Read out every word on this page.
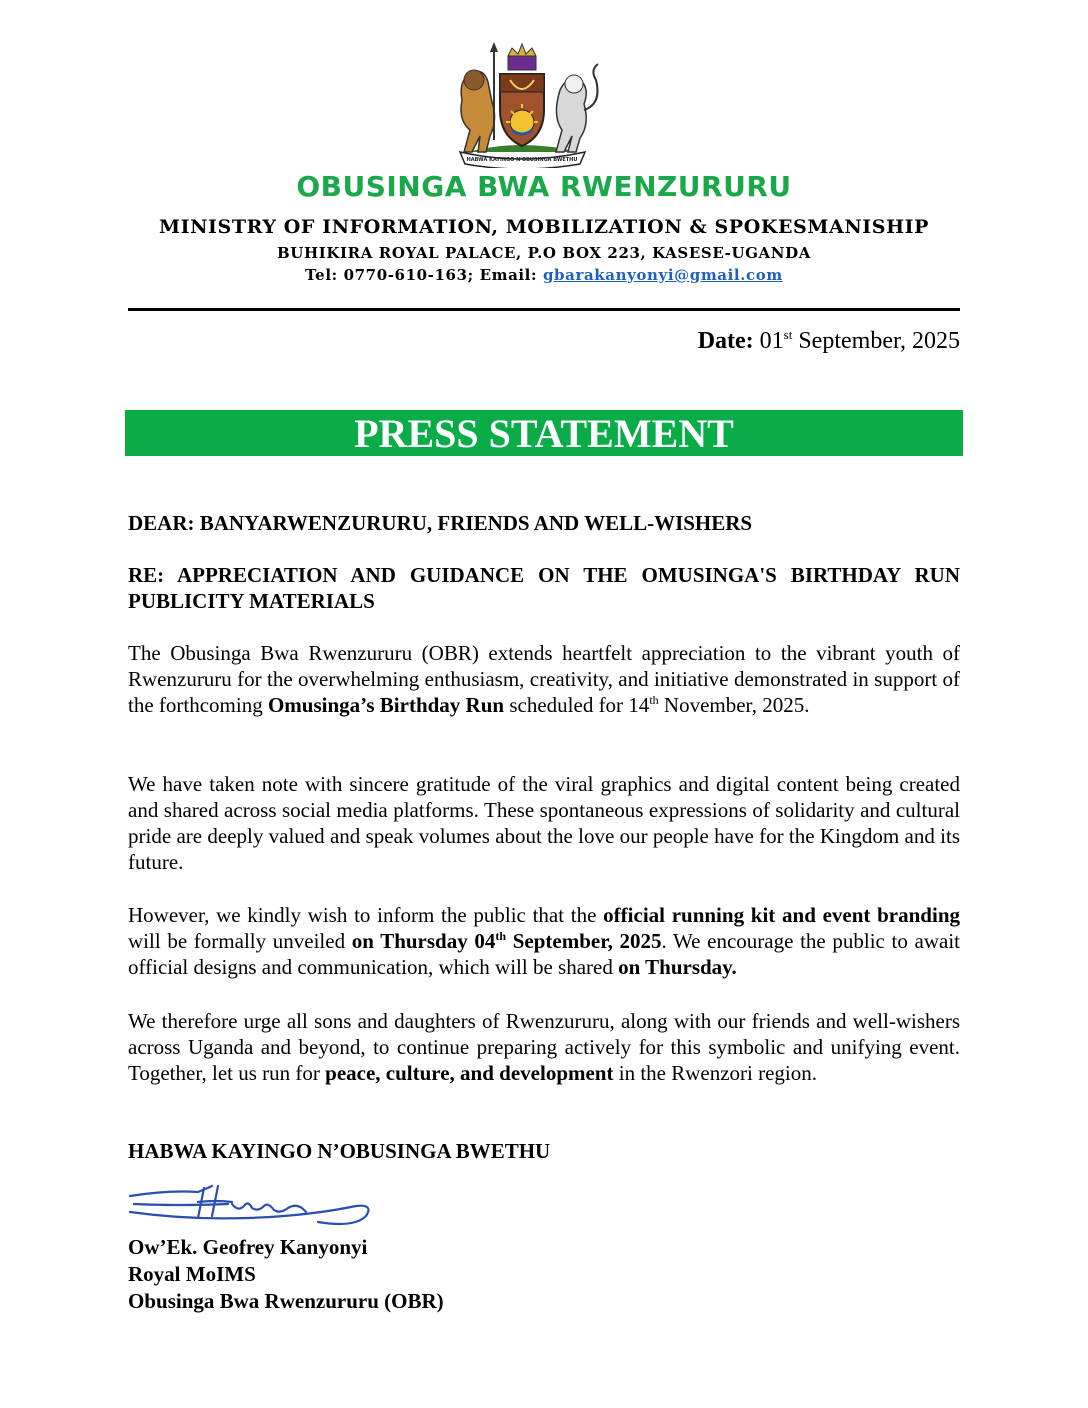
HABWA KAYINGO N'OBUSINGA BWETHU
OBUSINGA BWA RWENZURURU
MINISTRY OF INFORMATION, MOBILIZATION & SPOKESMANISHIP
BUHIKIRA ROYAL PALACE, P.O BOX 223, KASESE-UGANDA
Tel: 0770-610-163; Email: gbarakanyonyi@gmail.com
Date: 01st September, 2025
PRESS STATEMENT
DEAR: BANYARWENZURURU, FRIENDS AND WELL-WISHERS
RE: APPRECIATION AND GUIDANCE ON THE OMUSINGA'S BIRTHDAY RUN PUBLICITY MATERIALS
The Obusinga Bwa Rwenzururu (OBR) extends heartfelt appreciation to the vibrant youth of Rwenzururu for the overwhelming enthusiasm, creativity, and initiative demonstrated in support of the forthcoming Omusinga’s Birthday Run scheduled for 14th November, 2025.
We have taken note with sincere gratitude of the viral graphics and digital content being created and shared across social media platforms. These spontaneous expressions of solidarity and cultural pride are deeply valued and speak volumes about the love our people have for the Kingdom and its future.
However, we kindly wish to inform the public that the official running kit and event branding will be formally unveiled on Thursday 04th September, 2025. We encourage the public to await official designs and communication, which will be shared on Thursday.
We therefore urge all sons and daughters of Rwenzururu, along with our friends and well-wishers across Uganda and beyond, to continue preparing actively for this symbolic and unifying event. Together, let us run for peace, culture, and development in the Rwenzori region.
HABWA KAYINGO N’OBUSINGA BWETHU
Ow’Ek. Geofrey Kanyonyi
Royal MoIMS
Obusinga Bwa Rwenzururu (OBR)
